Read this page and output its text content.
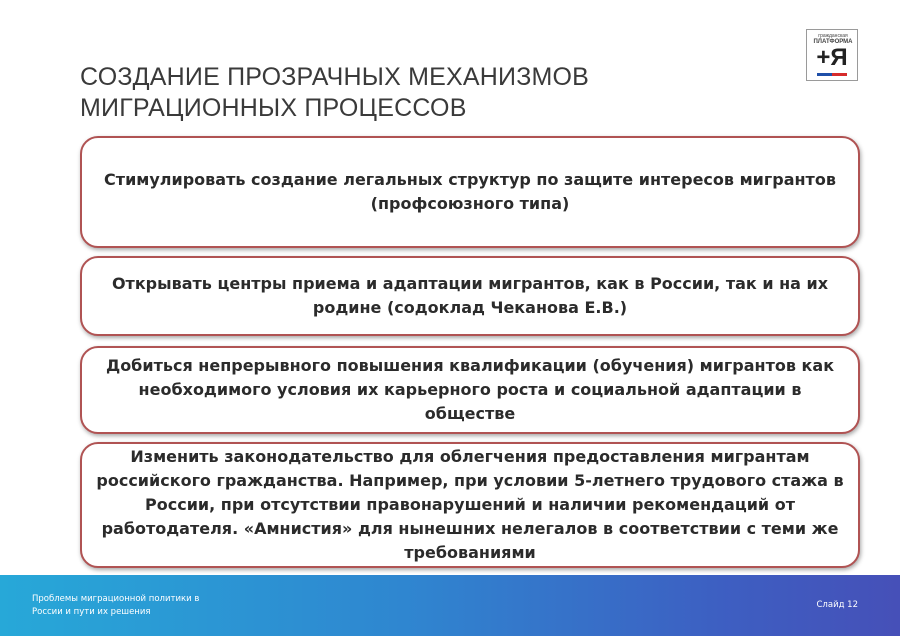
СОЗДАНИЕ ПРОЗРАЧНЫХ МЕХАНИЗМОВ
МИГРАЦИОННЫХ ПРОЦЕССОВ
гражданская
ПЛАТФОРМА
+Я
Стимулировать создание легальных структур по защите интересов мигрантов (профсоюзного типа)
Открывать центры приема и адаптации мигрантов, как в России, так и на их родине (содоклад Чеканова Е.В.)
Добиться непрерывного повышения квалификации (обучения) мигрантов как необходимого условия их карьерного роста и социальной адаптации в обществе
Изменить законодательство для облегчения предоставления мигрантам российского гражданства. Например, при условии 5-летнего трудового стажа в России, при отсутствии правонарушений и наличии рекомендаций от работодателя. «Амнистия» для нынешних нелегалов в соответствии с теми же требованиями
Проблемы миграционной политики в
России и пути их решения
Слайд 12
